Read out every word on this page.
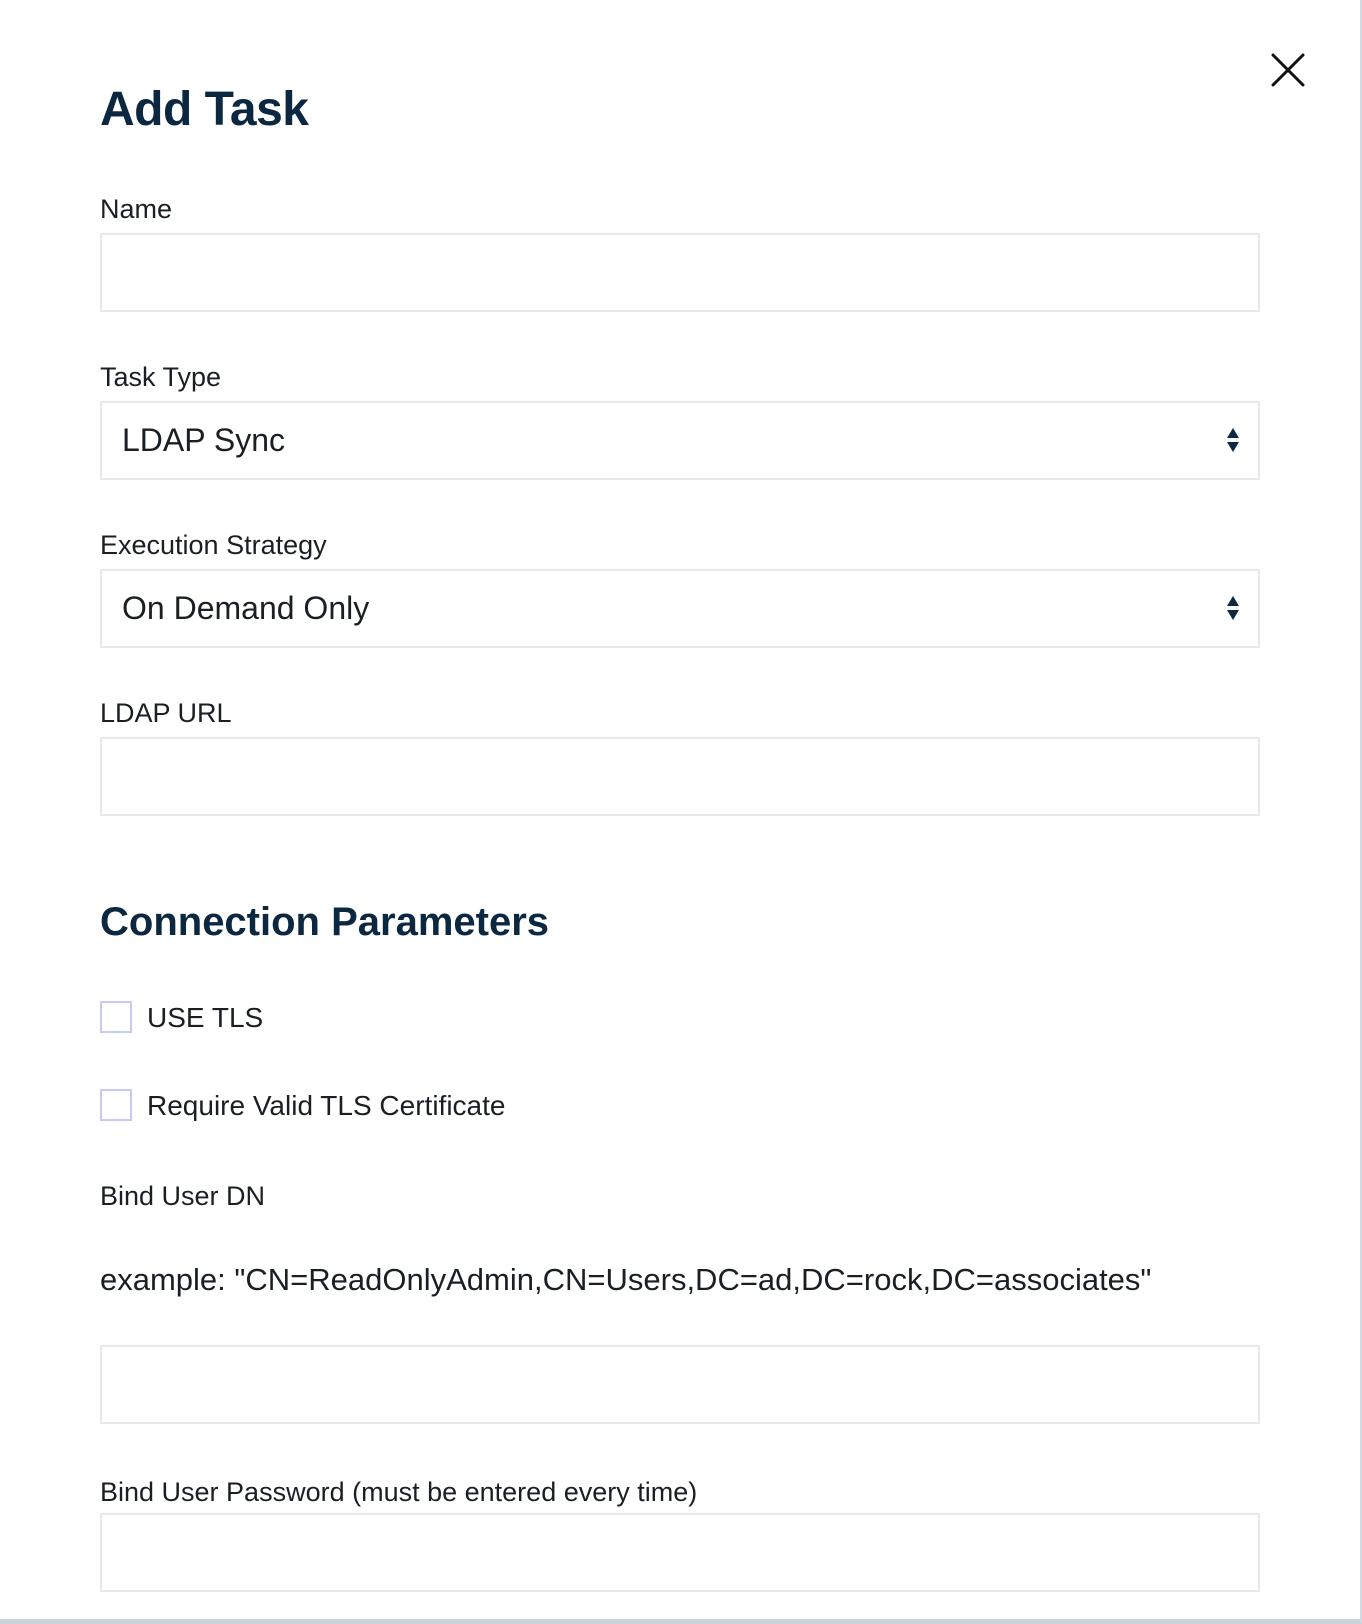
Add Task
Name
Task Type
LDAP Sync
Execution Strategy
On Demand Only
LDAP URL
Connection Parameters
USE TLS
Require Valid TLS Certificate
Bind User DN
example: "CN=ReadOnlyAdmin,CN=Users,DC=ad,DC=rock,DC=associates"
Bind User Password (must be entered every time)
